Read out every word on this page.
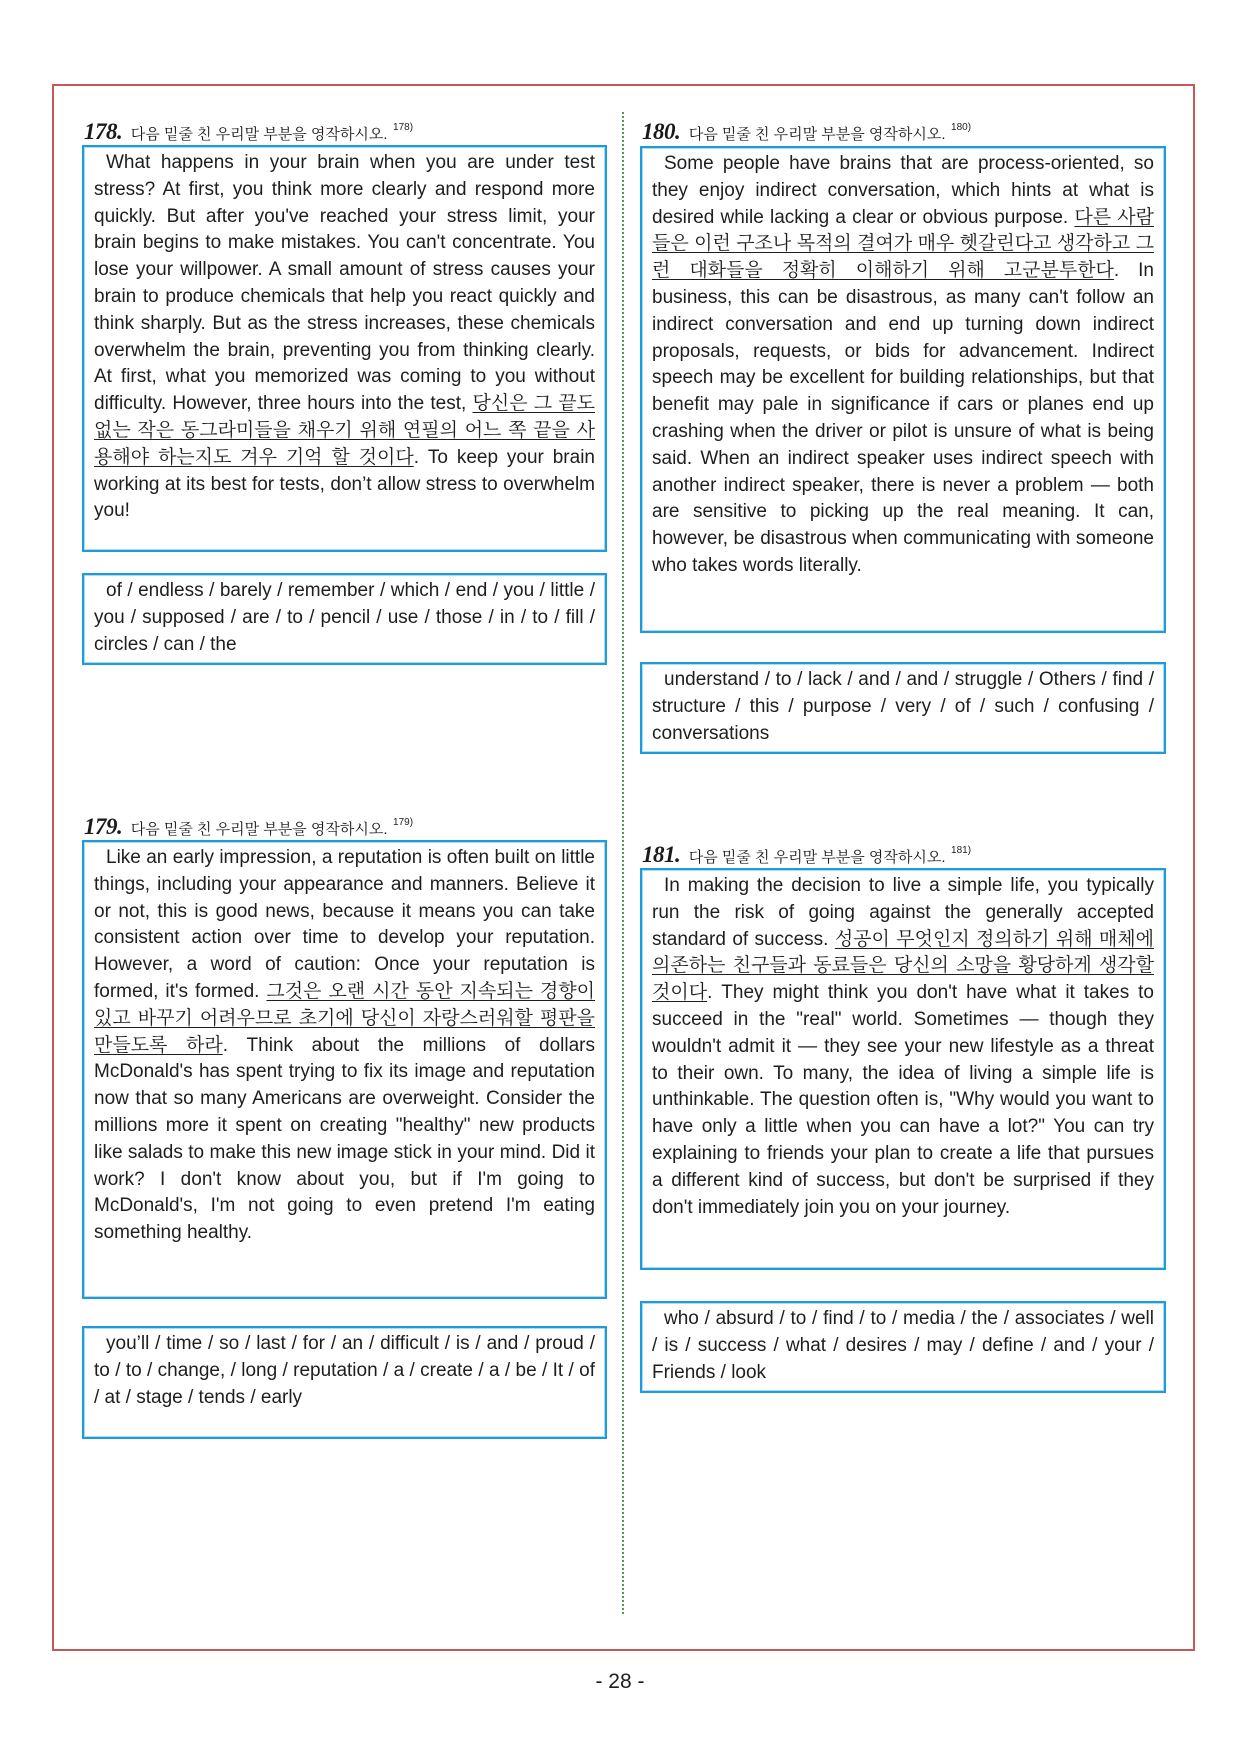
178. 다음 밑줄 친 우리말 부분을 영작하시오. $^{178)}$

What happens in your brain when you are under test stress? At first, you think more clearly and respond more quickly. But after you've reached your stress limit, your brain begins to make mistakes. You can't concentrate. You lose your willpower. A small amount of stress causes your brain to produce chemicals that help you react quickly and think sharply. But as the stress increases, these chemicals overwhelm the brain, preventing you from thinking clearly. At first, what you memorized was coming to you without difficulty. However, three hours into the test, 당신은 그 끝도 없는 작은 동그라미들을 채우기 위해 연필의 어느 쪽 끝을 사용해야 하는지도 겨우 기억 할 것이다. To keep your brain working at its best for tests, don’t allow stress to overwhelm you!

of / endless / barely / remember / which / end / you / little / you / supposed / are / to / pencil / use / those / in / to / fill / circles / can / the

179. 다음 밑줄 친 우리말 부분을 영작하시오. $^{179)}$

Like an early impression, a reputation is often built on little things, including your appearance and manners. Believe it or not, this is good news, because it means you can take consistent action over time to develop your reputation. However, a word of caution: Once your reputation is formed, it's formed. 그것은 오랜 시간 동안 지속되는 경향이 있고 바꾸기 어려우므로 초기에 당신이 자랑스러워할 평판을 만들도록 하라. Think about the millions of dollars McDonald's has spent trying to fix its image and reputation now that so many Americans are overweight. Consider the millions more it spent on creating "healthy" new products like salads to make this new image stick in your mind. Did it work? I don't know about you, but if I'm going to McDonald's, I'm not going to even pretend I'm eating something healthy.

you’ll / time / so / last / for / an / difficult / is / and / proud / to / to / change, / long / reputation / a / create / a / be / It / of / at / stage / tends / early

180. 다음 밑줄 친 우리말 부분을 영작하시오. $^{180)}$

Some people have brains that are process-oriented, so they enjoy indirect conversation, which hints at what is desired while lacking a clear or obvious purpose. 다른 사람들은 이런 구조나 목적의 결여가 매우 헷갈린다고 생각하고 그런 대화들을 정확히 이해하기 위해 고군분투한다. In business, this can be disastrous, as many can't follow an indirect conversation and end up turning down indirect proposals, requests, or bids for advancement. Indirect speech may be excellent for building relationships, but that benefit may pale in significance if cars or planes end up crashing when the driver or pilot is unsure of what is being said. When an indirect speaker uses indirect speech with another indirect speaker, there is never a problem — both are sensitive to picking up the real meaning. It can, however, be disastrous when communicating with someone who takes words literally.

understand / to / lack / and / and / struggle / Others / find / structure / this / purpose / very / of / such / confusing / conversations

181. 다음 밑줄 친 우리말 부분을 영작하시오. $^{181)}$

In making the decision to live a simple life, you typically run the risk of going against the generally accepted standard of success. 성공이 무엇인지 정의하기 위해 매체에 의존하는 친구들과 동료들은 당신의 소망을 황당하게 생각할 것이다. They might think you don't have what it takes to succeed in the "real" world. Sometimes — though they wouldn't admit it — they see your new lifestyle as a threat to their own. To many, the idea of living a simple life is unthinkable. The question often is, "Why would you want to have only a little when you can have a lot?" You can try explaining to friends your plan to create a life that pursues a different kind of success, but don't be surprised if they don't immediately join you on your journey.

who / absurd / to / find / to / media / the / associates / well / is / success / what / desires / may / define / and / your / Friends / look

- 28 -
